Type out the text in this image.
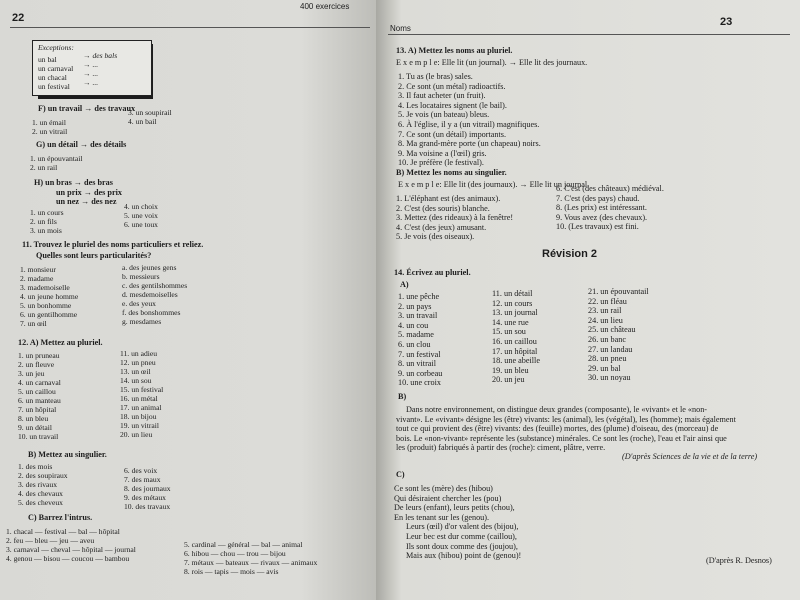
22
400 exercices
Exceptions:
un bal
un carnaval
un chacal
un festival
→ des bals
→ ...
→ ...
→ ...
F) un travail → des travaux
1. un émail
2. un vitrail
3. un soupirail
4. un bail
G) un détail → des détails
1. un épouvantail
2. un rail
H) un bras → des bras
un prix → des prix
un nez → des nez
1. un cours
2. un fils
3. un mois
4. un choix
5. une voix
6. une toux
11. Trouvez le pluriel des noms particuliers et reliez.
Quelles sont leurs particularités?
1. monsieur
2. madame
3. mademoiselle
4. un jeune homme
5. un bonhomme
6. un gentilhomme
7. un œil
a. des jeunes gens
b. messieurs
c. des gentilshommes
d. mesdemoiselles
e. des yeux
f. des bonshommes
g. mesdames
12. A) Mettez au pluriel.
1. un pruneau
2. un fleuve
3. un jeu
4. un carnaval
5. un caillou
6. un manteau
7. un hôpital
8. un bleu
9. un détail
10. un travail
11. un adieu
12. un pneu
13. un œil
14. un sou
15. un festival
16. un métal
17. un animal
18. un bijou
19. un vitrail
20. un lieu
B) Mettez au singulier.
1. des mois
2. des soupiraux
3. des rivaux
4. des chevaux
5. des cheveux
6. des voix
7. des maux
8. des journaux
9. des métaux
10. des travaux
C) Barrez l'intrus.
1. chacal — festival — bal — hôpital
2. feu — bleu — jeu — aveu
3. carnaval — cheval — hôpital — journal
4. genou — bisou — coucou — bambou
5. cardinal — général — bal — animal
6. hibou — chou — trou — bijou
7. métaux — bateaux — rivaux — animaux
8. rois — tapis — mois — avis
Noms
23
13. A) Mettez les noms au pluriel.
E x e m p l e: Elle lit (un journal). → Elle lit des journaux.
1. Tu as (le bras) sales.
2. Ce sont (un métal) radioactifs.
3. Il faut acheter (un fruit).
4. Les locataires signent (le bail).
5. Je vois (un bateau) bleus.
6. À l'église, il y a (un vitrail) magnifiques.
7. Ce sont (un détail) importants.
8. Ma grand-mère porte (un chapeau) noirs.
9. Ma voisine a (l'œil) gris.
10. Je préfère (le festival).
B) Mettez les noms au singulier.
E x e m p l e: Elle lit (des journaux). → Elle lit un journal.
1. L'éléphant est (des animaux).
2. C'est (des souris) blanche.
3. Mettez (des rideaux) à la fenêtre!
4. C'est (des jeux) amusant.
5. Je vois (des oiseaux).
6. C'est (des châteaux) médiéval.
7. C'est (des pays) chaud.
8. (Les prix) est intéressant.
9. Vous avez (des chevaux).
10. (Les travaux) est fini.
Révision 2
14. Écrivez au pluriel.
A)
1. une pêche
2. un pays
3. un travail
4. un cou
5. madame
6. un clou
7. un festival
8. un vitrail
9. un corbeau
10. une croix
11. un détail
12. un cours
13. un journal
14. une rue
15. un sou
16. un caillou
17. un hôpital
18. une abeille
19. un bleu
20. un jeu
21. un épouvantail
22. un fléau
23. un rail
24. un lieu
25. un château
26. un banc
27. un landau
28. un pneu
29. un bal
30. un noyau
B)
Dans notre environnement, on distingue deux grandes (composante), le «vivant» et le «non-
vivant». Le «vivant» désigne les (être) vivants: les (animal), les (végétal), les (homme); mais également
tout ce qui provient des (être) vivants: des (feuille) mortes, des (plume) d'oiseau, des (morceau) de
bois. Le «non-vivant» représente les (substance) minérales. Ce sont les (roche), l'eau et l'air ainsi que
les (produit) fabriqués à partir des (roche): ciment, plâtre, verre.
(D'après Sciences de la vie et de la terre)
C)
Ce sont les (mère) des (hibou)
Qui désiraient chercher les (pou)
De leurs (enfant), leurs petits (chou),
En les tenant sur les (genou).
Leurs (œil) d'or valent des (bijou),
Leur bec est dur comme (caillou),
Ils sont doux comme des (joujou),
Mais aux (hibou) point de (genou)!
(D'après R. Desnos)
